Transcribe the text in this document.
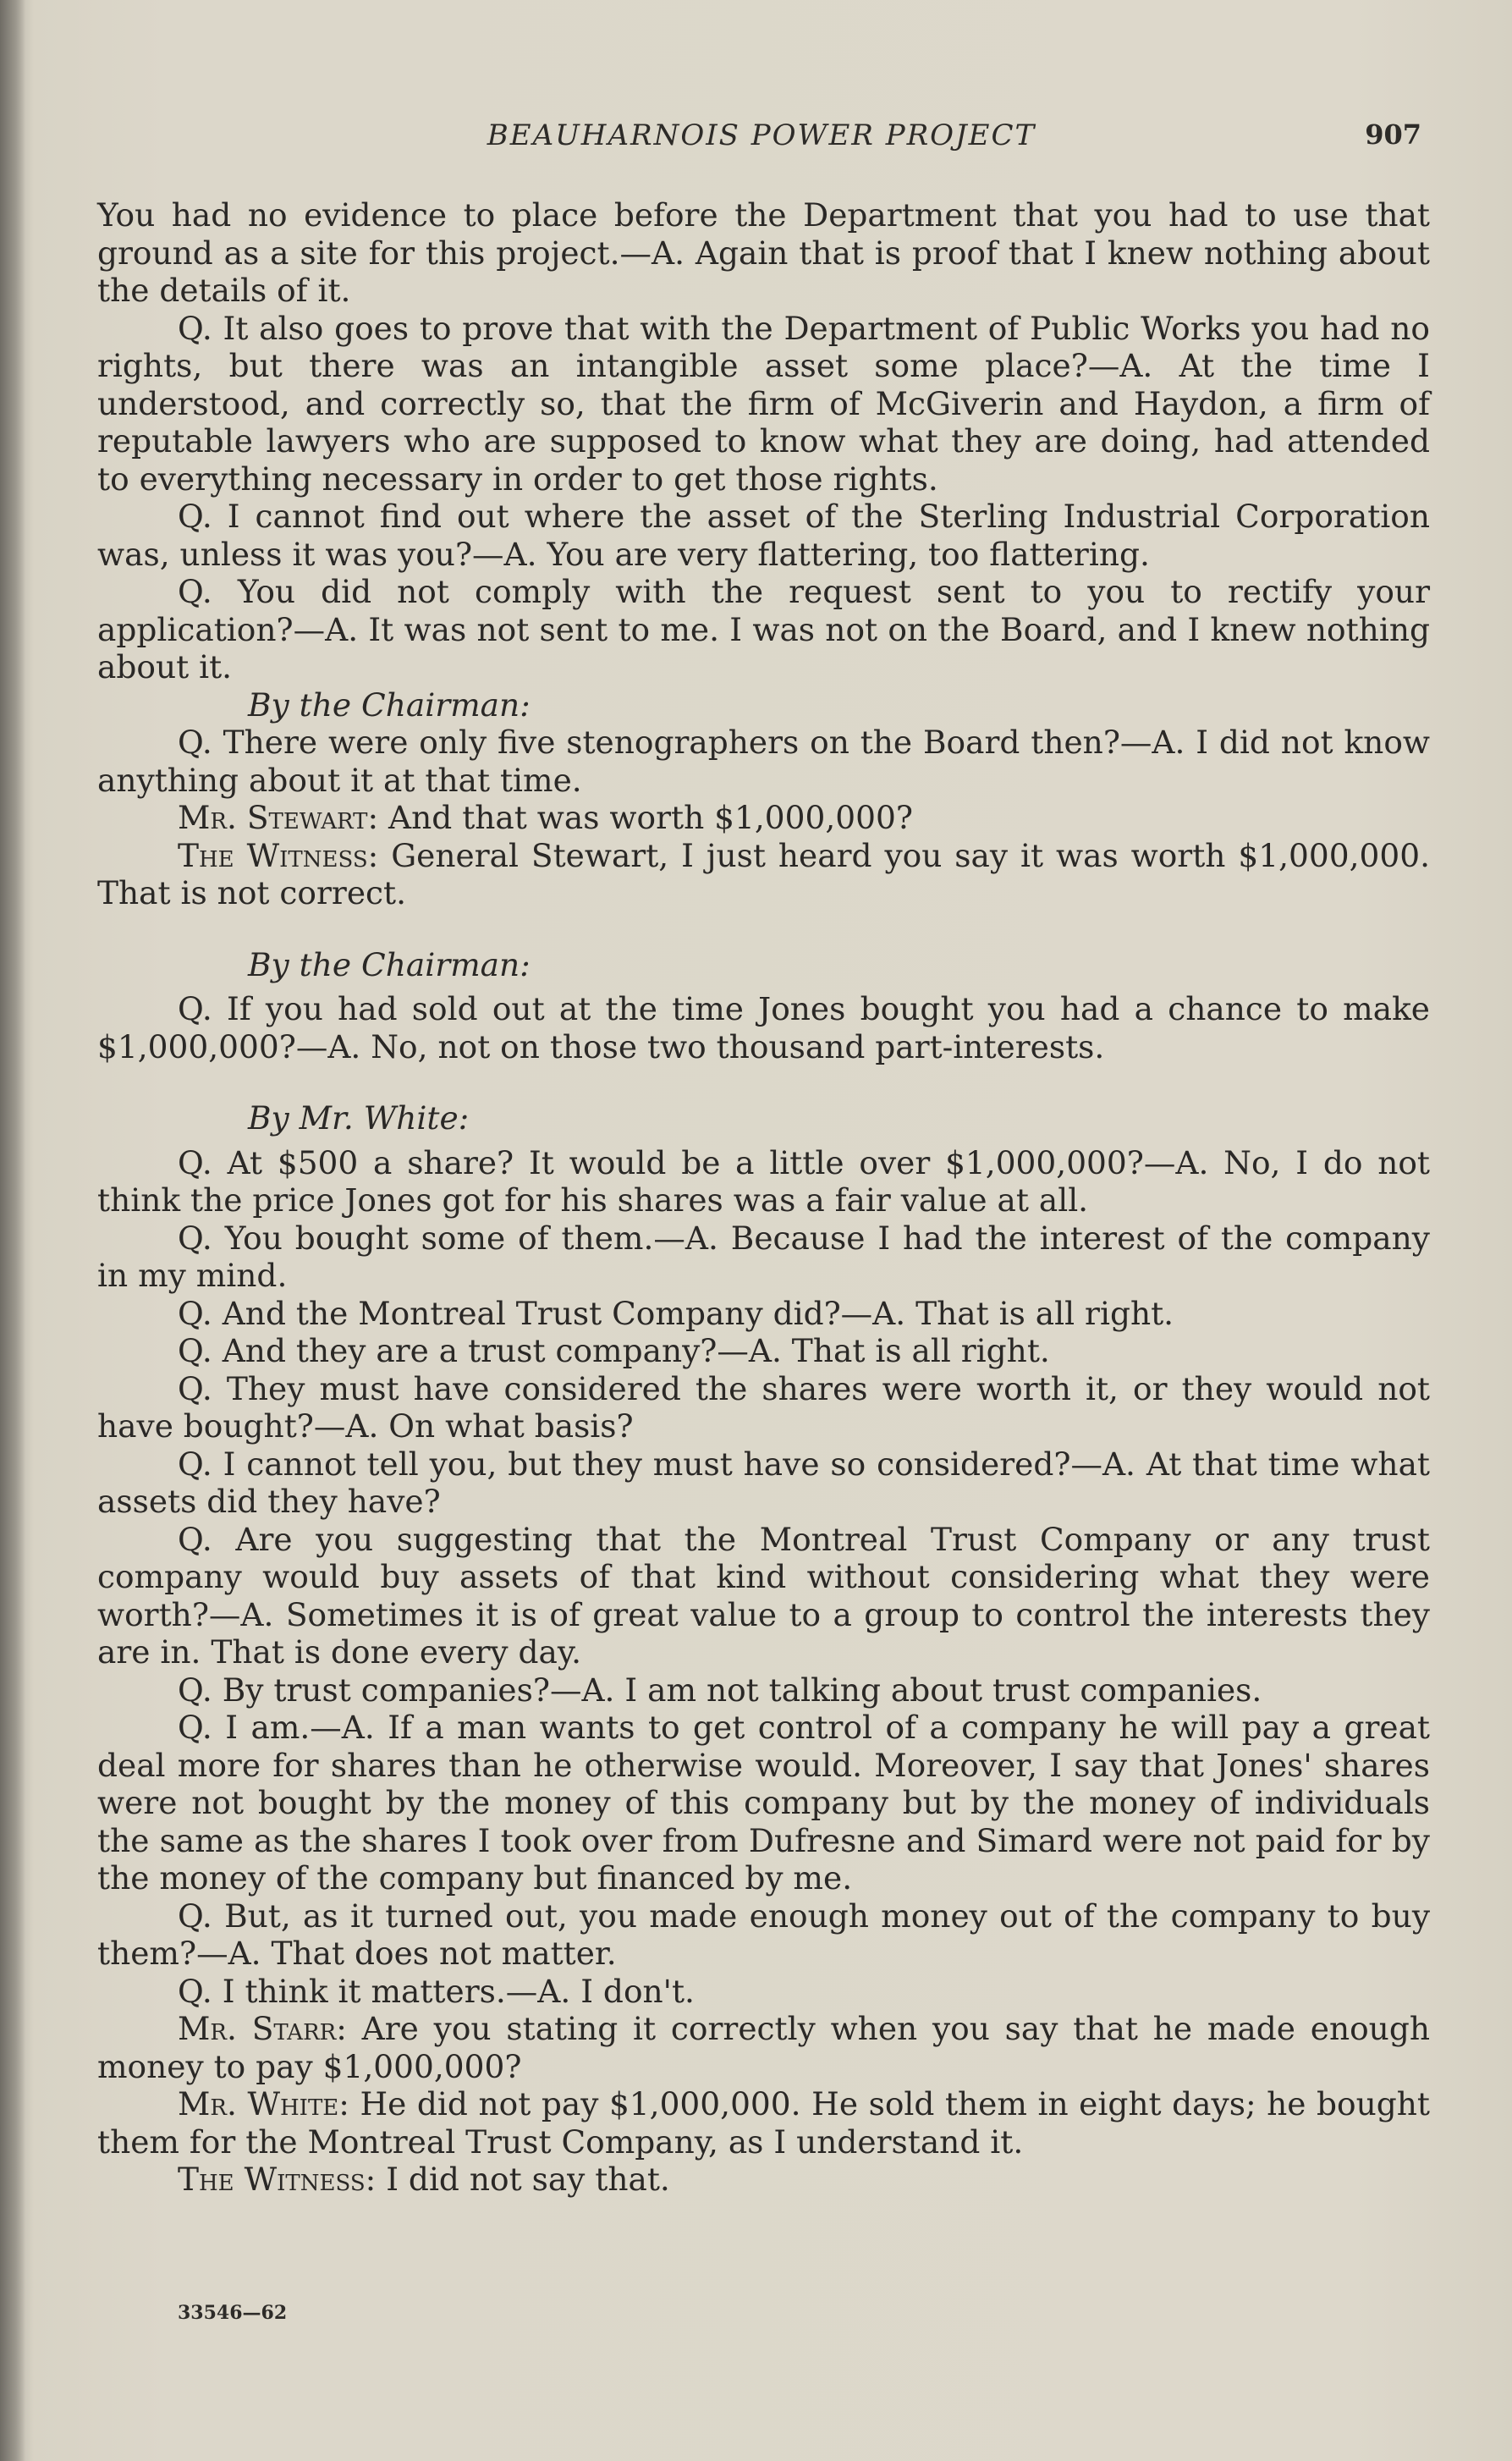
BEAUHARNOIS POWER PROJECT	907

You had no evidence to place before the Department that you had to use that ground as a site for this project.—A. Again that is proof that I knew nothing about the details of it.

Q. It also goes to prove that with the Department of Public Works you had no rights, but there was an intangible asset some place?—A. At the time I understood, and correctly so, that the firm of McGiverin and Haydon, a firm of reputable lawyers who are supposed to know what they are doing, had attended to everything necessary in order to get those rights.

Q. I cannot find out where the asset of the Sterling Industrial Corporation was, unless it was you?—A. You are very flattering, too flattering.

Q. You did not comply with the request sent to you to rectify your application?—A. It was not sent to me. I was not on the Board, and I knew nothing about it.

By the Chairman:

Q. There were only five stenographers on the Board then?—A. I did not know anything about it at that time.

Mr. Stewart: And that was worth $1,000,000?

The Witness: General Stewart, I just heard you say it was worth $1,000,000. That is not correct.

By the Chairman:

Q. If you had sold out at the time Jones bought you had a chance to make $1,000,000?—A. No, not on those two thousand part-interests.

By Mr. White:

Q. At $500 a share? It would be a little over $1,000,000?—A. No, I do not think the price Jones got for his shares was a fair value at all.

Q. You bought some of them.—A. Because I had the interest of the company in my mind.

Q. And the Montreal Trust Company did?—A. That is all right.

Q. And they are a trust company?—A. That is all right.

Q. They must have considered the shares were worth it, or they would not have bought?—A. On what basis?

Q. I cannot tell you, but they must have so considered?—A. At that time what assets did they have?

Q. Are you suggesting that the Montreal Trust Company or any trust company would buy assets of that kind without considering what they were worth?—A. Sometimes it is of great value to a group to control the interests they are in. That is done every day.

Q. By trust companies?—A. I am not talking about trust companies.

Q. I am.—A. If a man wants to get control of a company he will pay a great deal more for shares than he otherwise would. Moreover, I say that Jones' shares were not bought by the money of this company but by the money of individuals the same as the shares I took over from Dufresne and Simard were not paid for by the money of the company but financed by me.

Q. But, as it turned out, you made enough money out of the company to buy them?—A. That does not matter.

Q. I think it matters.—A. I don't.

Mr. Starr: Are you stating it correctly when you say that he made enough money to pay $1,000,000?

Mr. White: He did not pay $1,000,000. He sold them in eight days; he bought them for the Montreal Trust Company, as I understand it.

The Witness: I did not say that.

33546—62
